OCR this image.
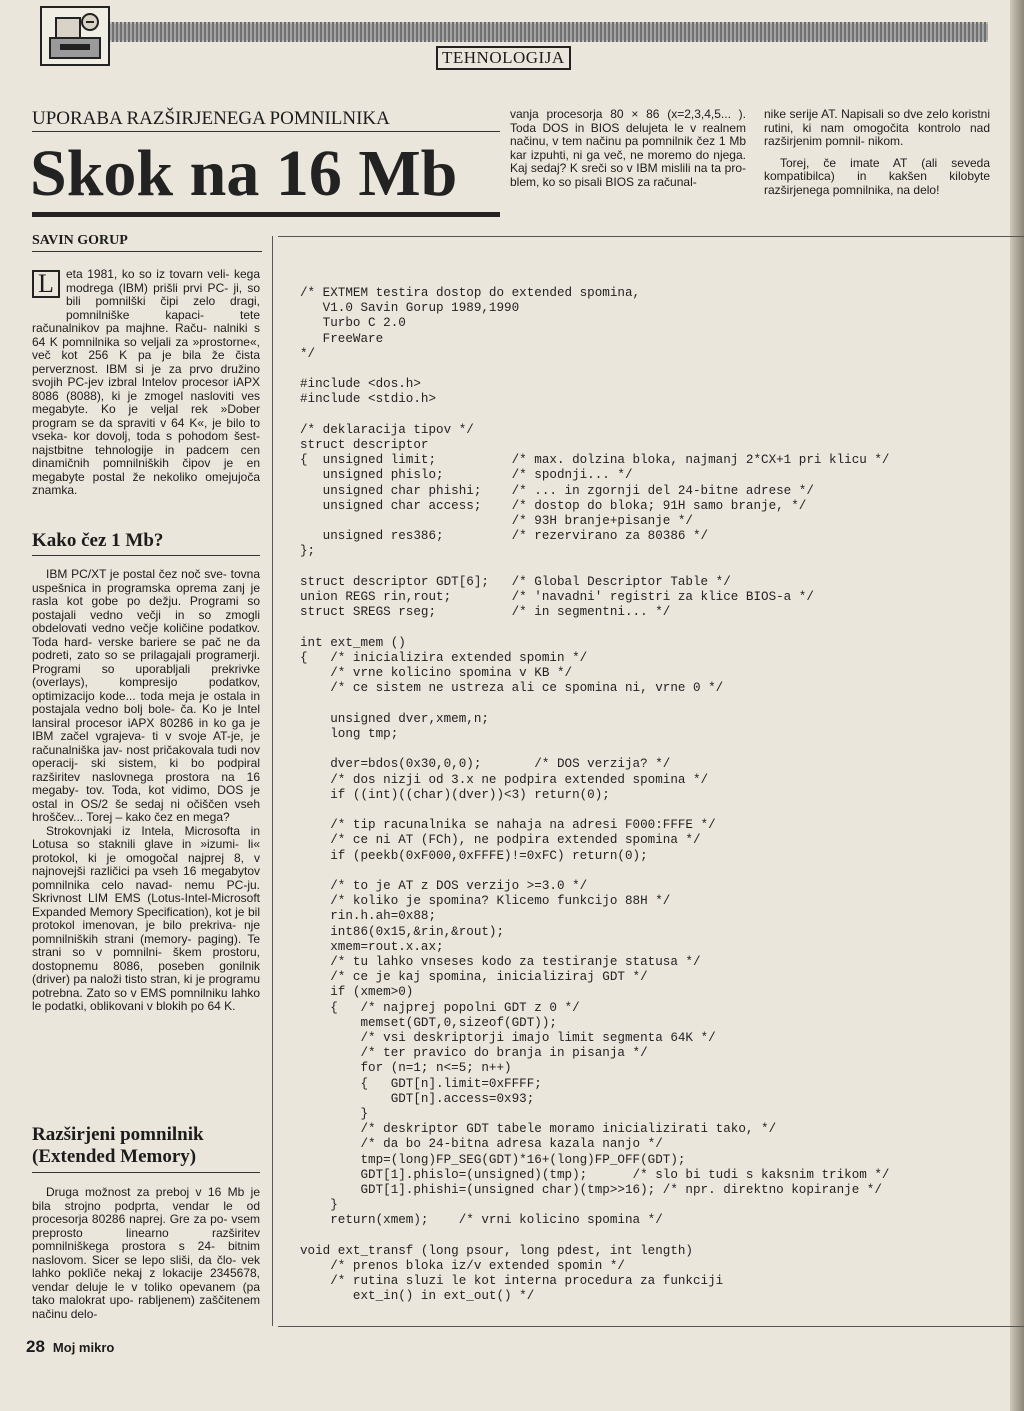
TEHNOLOGIJA
UPORABA RAZŠIRJENEGA POMNILNIKA
Skok na 16 Mb
vanja procesorja 80 × 86 (x=2,3,4,5... ). Toda DOS in BIOS delujeta le v realnem načinu, v tem načinu pa pomnilnik čez 1 Mb kar izpuhti, ni ga več, ne moremo do njega. Kaj sedaj? K sreči so v IBM mislili na ta pro- blem, ko so pisali BIOS za računal-
nike serije AT. Napisali so dve zelo koristni rutini, ki nam omogočita kontrolo nad razširjenim pomnil- nikom.
Torej, če imate AT (ali seveda kompatibilca) in kakšen kilobyte razširjenega pomnilnika, na delo!
SAVIN GORUP
L	eta 1981, ko so iz tovarn veli- kega modrega (IBM) prišli prvi PC- ji, so bili pomnilški čipi zelo dragi, pomnilniške kapaci- tete računalnikov pa majhne. Raču- nalniki s 64 K pomnilnika so veljali za »prostorne«, več kot 256 K pa je bila že čista perverznost. IBM si je za prvo družino svojih PC-jev izbral Intelov procesor iAPX 8086 (8088), ki je zmogel nasloviti ves megabyte. Ko je veljal rek »Dober program se da spraviti v 64 K«, je bilo to vseka- kor dovolj, toda s pohodom šest- najstbitne tehnologije in padcem cen dinamičnih pomnilniških čipov je en megabyte postal že nekoliko omejujoča znamka.
Kako čez 1 Mb?
IBM PC/XT je postal čez noč sve- tovna uspešnica in programska oprema zanj je rasla kot gobe po dežju. Programi so postajali vedno večji in so zmogli obdelovati vedno večje količine podatkov. Toda hard- verske bariere se pač ne da podreti, zato so se prilagajali programerji. Programi so uporabljali prekrivke (overlays), kompresijo podatkov, optimizacijo kode... toda meja je ostala in postajala vedno bolj bole- ča. Ko je Intel lansiral procesor iAPX 80286 in ko ga je IBM začel vgrajeva- ti v svoje AT-je, je računalniška jav- nost pričakovala tudi nov operacij- ski sistem, ki bo podpiral razširitev naslovnega prostora na 16 megaby- tov. Toda, kot vidimo, DOS je ostal in OS/2 še sedaj ni očiščen vseh hroščev... Torej – kako čez en mega?
Strokovnjaki iz Intela, Microsofta in Lotusa so staknili glave in »izumi- li« protokol, ki je omogočal najprej 8, v najnovejši različici pa vseh 16 megabytov pomnilnika celo navad- nemu PC-ju. Skrivnost LIM EMS (Lotus-Intel-Microsoft Expanded Memory Specification), kot je bil protokol imenovan, je bilo prekriva- nje pomnilniških strani (memory- paging). Te strani so v pomnilni- škem prostoru, dostopnemu 8086, poseben gonilnik (driver) pa naloži tisto stran, ki je programu potrebna. Zato so v EMS pomnilniku lahko le podatki, oblikovani v blokih po 64 K.
Razširjeni pomnilnik (Extended Memory)
Druga možnost za preboj v 16 Mb je bila strojno podprta, vendar le od procesorja 80286 naprej. Gre za po- vsem preprosto linearno razširitev pomnilniškega prostora s 24- bitnim naslovom. Sicer se lepo sliši, da člo- vek lahko poklìče nekaj z lokacije 2345678, vendar deluje le v toliko opevanem (pa tako malokrat upo- rabljenem) zaščitenem načinu delo-
/* EXTMEM testira dostop do extended spomina,
V1.0 Savin Gorup 1989,1990
Turbo C 2.0
FreeWare
*/

#include <dos.h>
#include <stdio.h>

/* deklaracija tipov */
struct descriptor
{  unsigned limit;          /* max. dolzina bloka, najmanj 2*CX+1 pri klicu */
unsigned phislo;         /* spodnji... */
unsigned char phishi;    /* ... in zgornji del 24-bitne adrese */
unsigned char access;    /* dostop do bloka; 91H samo branje, */
/* 93H branje+pisanje */
unsigned res386;         /* rezervirano za 80386 */
};

struct descriptor GDT[6];   /* Global Descriptor Table */
union REGS rin,rout;        /* 'navadni' registri za klice BIOS-a */
struct SREGS rseg;          /* in segmentni... */

int ext_mem ()
{   /* inicializira extended spomin */
/* vrne kolicino spomina v KB */
/* ce sistem ne ustreza ali ce spomina ni, vrne 0 */

unsigned dver,xmem,n;
long tmp;

dver=bdos(0x30,0,0);       /* DOS verzija? */
/* dos nizji od 3.x ne podpira extended spomina */
if ((int)((char)(dver))<3) return(0);

/* tip racunalnika se nahaja na adresi F000:FFFE */
/* ce ni AT (FCh), ne podpira extended spomina */
if (peekb(0xF000,0xFFFE)!=0xFC) return(0);

/* to je AT z DOS verzijo >=3.0 */
/* koliko je spomina? Klicemo funkcijo 88H */
rin.h.ah=0x88;
int86(0x15,&rin,&rout);
xmem=rout.x.ax;
/* tu lahko vnseses kodo za testiranje statusa */
/* ce je kaj spomina, inicializiraj GDT */
if (xmem>0)
{   /* najprej popolni GDT z 0 */
memset(GDT,0,sizeof(GDT));
/* vsi deskriptorji imajo limit segmenta 64K */
/* ter pravico do branja in pisanja */
for (n=1; n<=5; n++)
{   GDT[n].limit=0xFFFF;
GDT[n].access=0x93;
}
/* deskriptor GDT tabele moramo inicializirati tako, */
/* da bo 24-bitna adresa kazala nanjo */
tmp=(long)FP_SEG(GDT)*16+(long)FP_OFF(GDT);
GDT[1].phislo=(unsigned)(tmp);      /* slo bi tudi s kaksnim trikom */
GDT[1].phishi=(unsigned char)(tmp>>16); /* npr. direktno kopiranje */
}
return(xmem);    /* vrni kolicino spomina */

void ext_transf (long psour, long pdest, int length)
/* prenos bloka iz/v extended spomin */
/* rutina sluzi le kot interna procedura za funkciji
ext_in() in ext_out() */
28 Moj mikro
